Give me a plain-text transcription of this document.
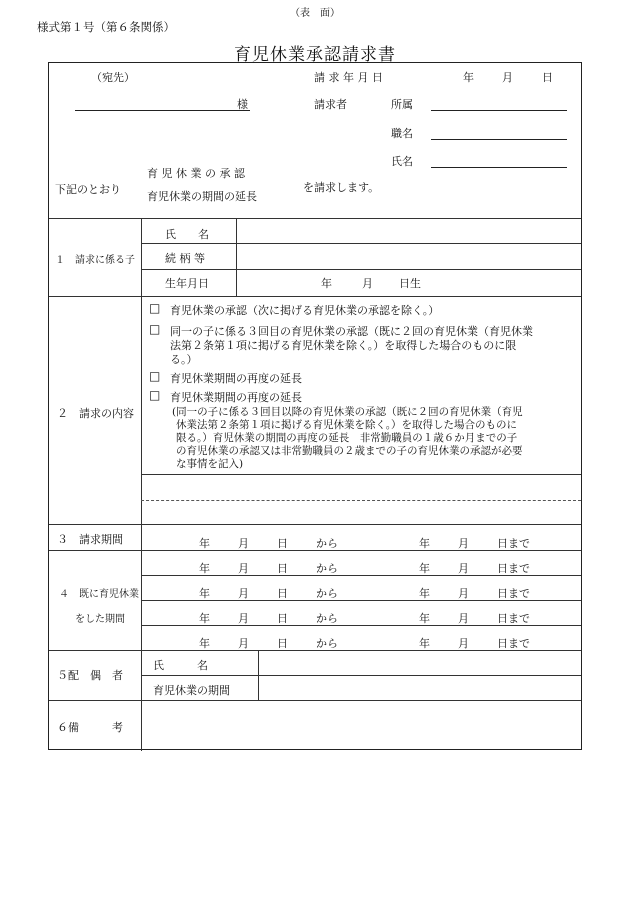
（表　面）
様式第１号（第６条関係）
育児休業承認請求書
（宛先）
様
請 求 年 月 日	年	月	日
請求者	所属
職名
氏名
下記のとおり
育 児 休 業 の 承 認
育児休業の期間の延長
を請求します。
１　請求に係る子
氏　　名
続 柄 等
生年月日	年	月 日生
２　請求の内容
□ 育児休業の承認（次に掲げる育児休業の承認を除く。）
□ 同一の子に係る３回目の育児休業の承認（既に２回の育児休業（育児休業
法第２条第１項に掲げる育児休業を除く。）を取得した場合のものに限
る。）
□ 育児休業期間の再度の延長
□ 育児休業期間の再度の延長
(同一の子に係る３回目以降の育児休業の承認（既に２回の育児休業（育児
休業法第２条第１項に掲げる育児休業を除く。）を取得した場合のものに
限る。）育児休業の期間の再度の延長　非常勤職員の１歳６か月までの子
の育児休業の承認又は非常勤職員の２歳までの子の育児休業の承認が必要
な事情を記入)
３　請求期間	年	月	日	から	年	月	日まで
４　既に育児休業
をした期間
年	月	日	から	年	月	日まで
年	月	日	から	年	月	日まで
年	月	日	から	年	月	日まで
年	月	日	から	年	月	日まで
５配　偶　者
氏　　　名
育児休業の期間
６備　　　考
